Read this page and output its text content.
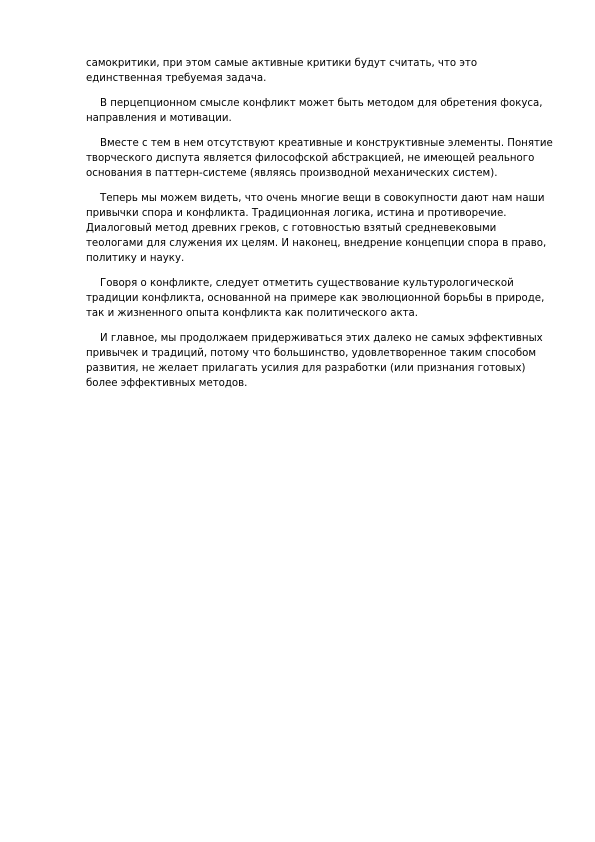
самокритики, при этом самые активные критики будут считать, что это единственная требуемая задача.

В перцепционном смысле конфликт может быть методом для обретения фокуса, направления и мотивации.

Вместе с тем в нем отсутствуют креативные и конструктивные элементы. Понятие творческого диспута является философской абстракцией, не имеющей реального основания в паттерн-системе (являясь производной механических систем).

Теперь мы можем видеть, что очень многие вещи в совокупности дают нам наши привычки спора и конфликта. Традиционная логика, истина и противоречие. Диалоговый метод древних греков, с готовностью взятый средневековыми теологами для служения их целям. И наконец, внедрение концепции спора в право, политику и науку.

Говоря о конфликте, следует отметить существование культурологической традиции конфликта, основанной на примере как эволюционной борьбы в природе, так и жизненного опыта конфликта как политического акта.

И главное, мы продолжаем придерживаться этих далеко не самых эффективных привычек и традиций, потому что большинство, удовлетворенное таким способом развития, не желает прилагать усилия для разработки (или признания готовых) более эффективных методов.
